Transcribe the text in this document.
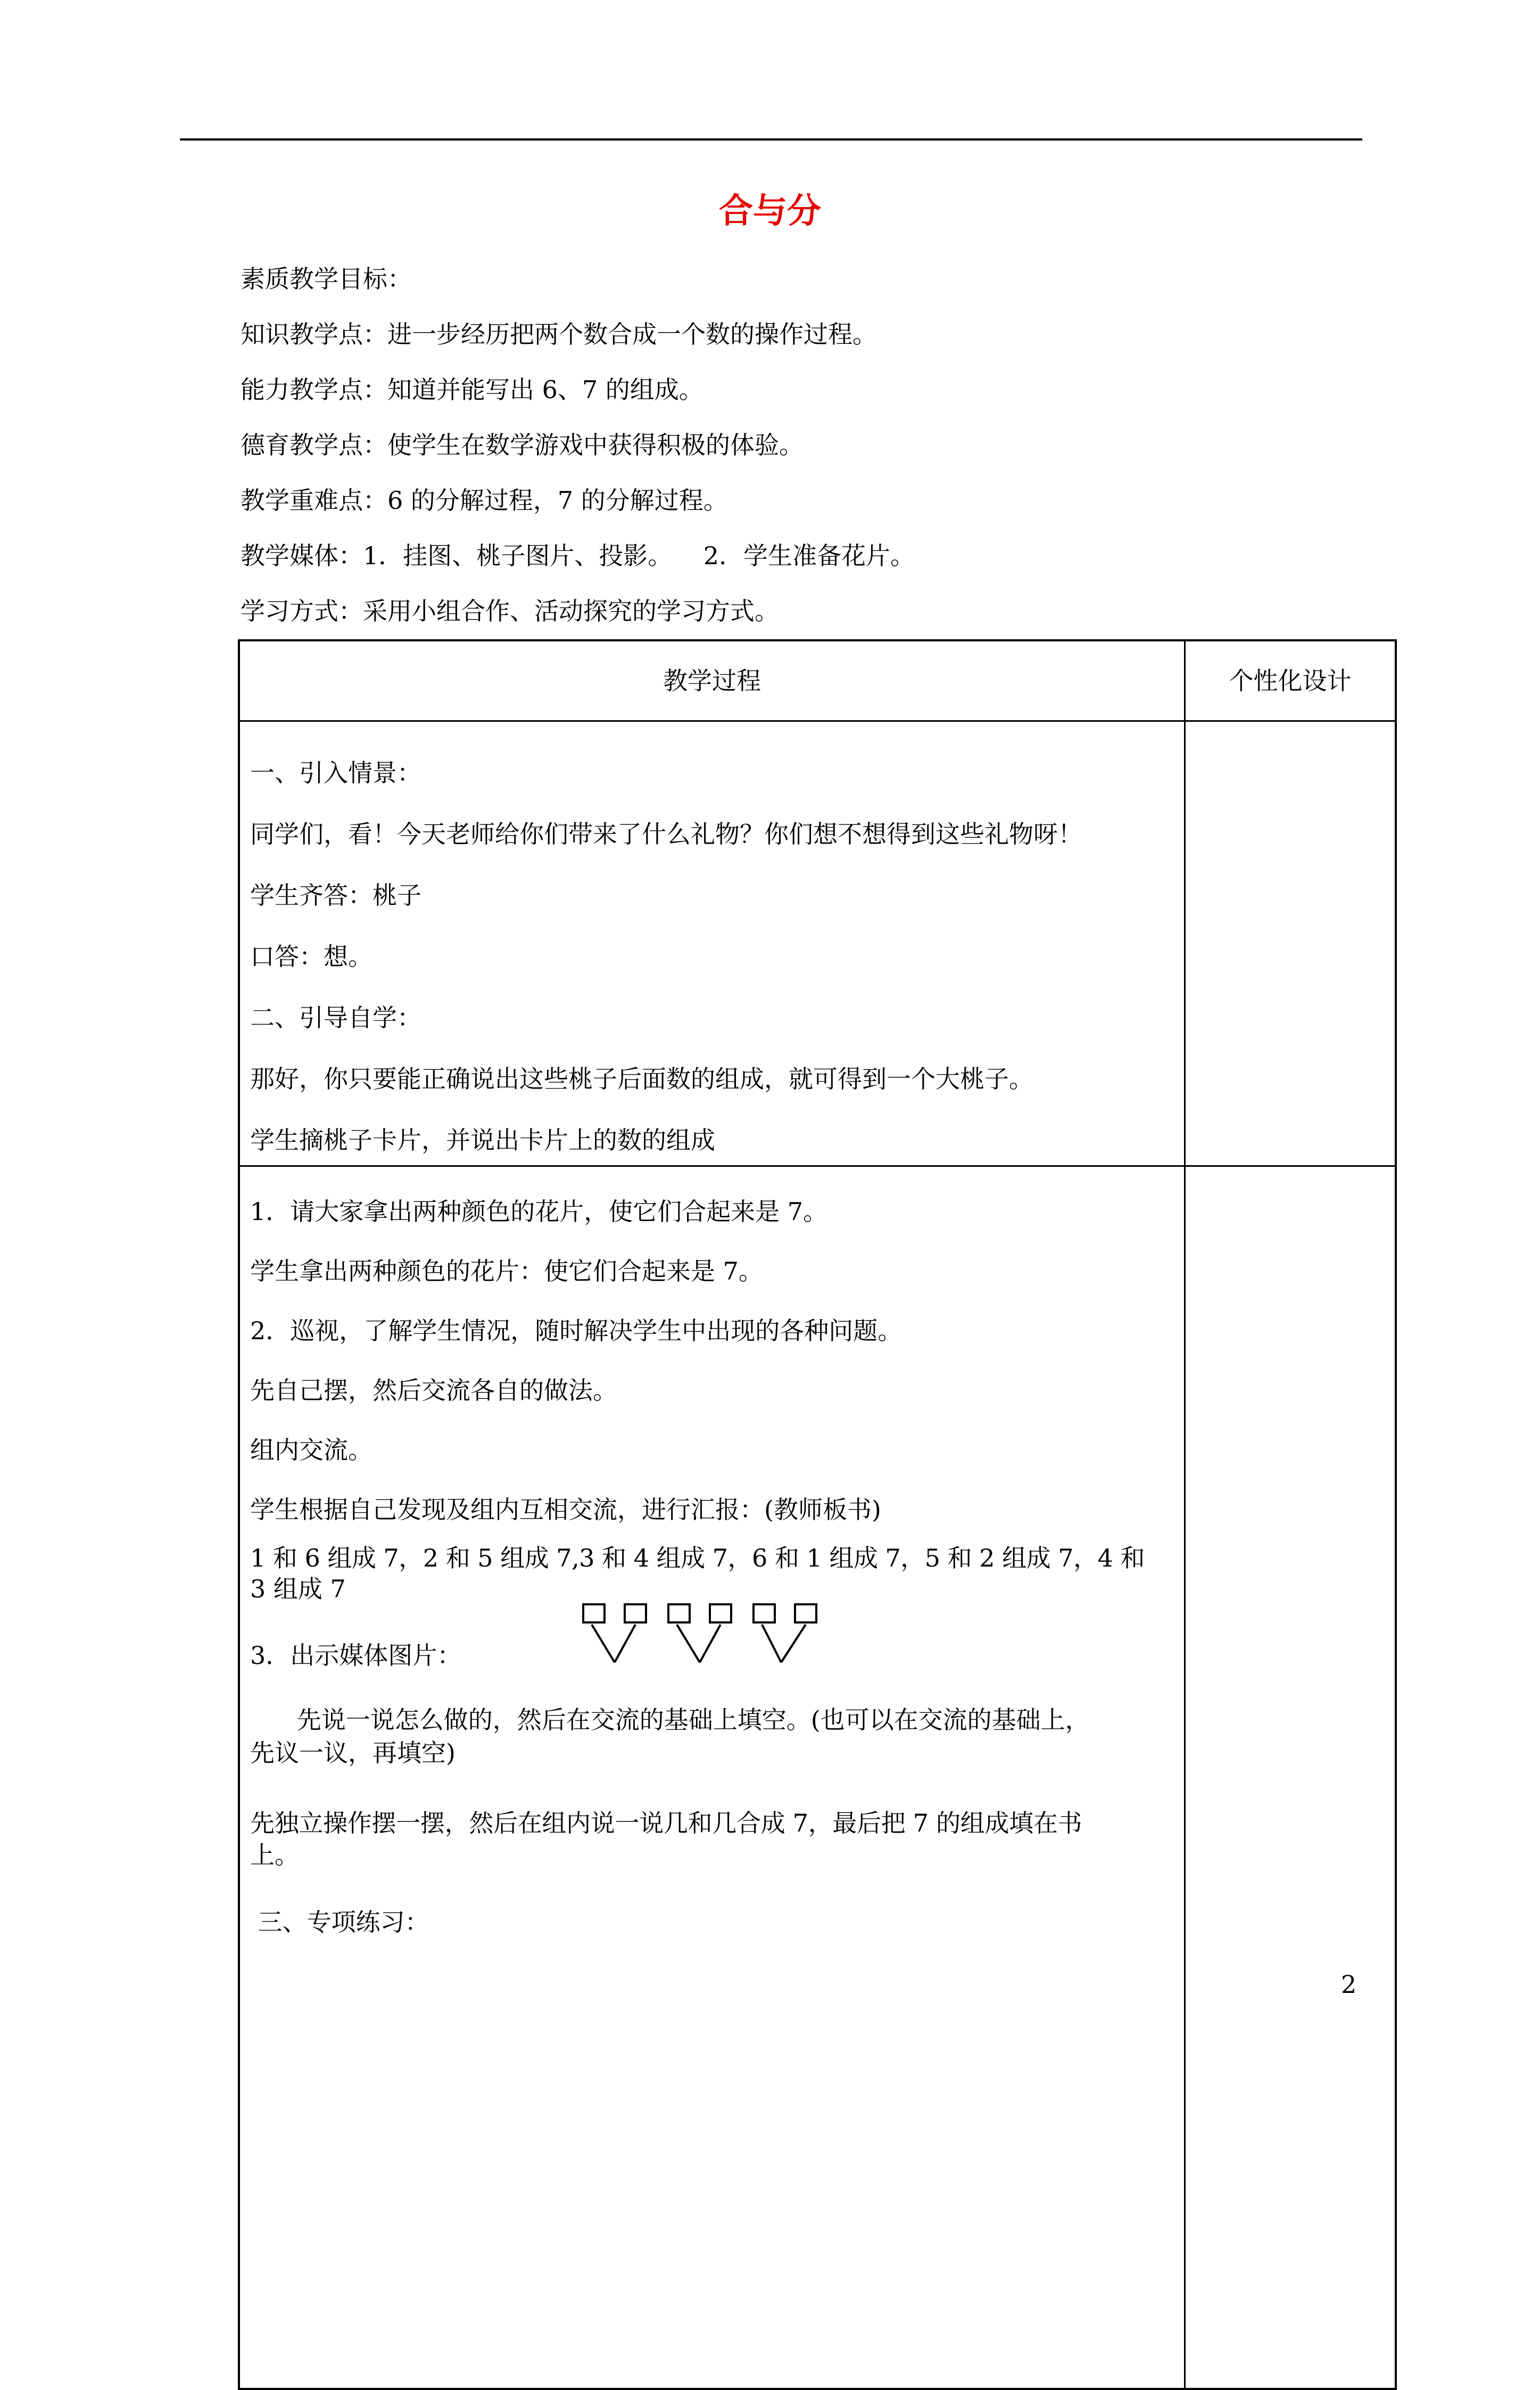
合与分

素质教学目标：

知识教学点：进一步经历把两个数合成一个数的操作过程。

能力教学点：知道并能写出 6、7 的组成。

德育教学点：使学生在数学游戏中获得积极的体验。

教学重难点：6 的分解过程，7 的分解过程。

教学媒体：1．挂图、桃子图片、投影。    2．学生准备花片。

学习方式：采用小组合作、活动探究的学习方式。

教学过程	个性化设计

一、引入情景：

同学们，看！今天老师给你们带来了什么礼物？你们想不想得到这些礼物呀！

学生齐答：桃子

口答：想。

二、引导自学：

那好，你只要能正确说出这些桃子后面数的组成，就可得到一个大桃子。

学生摘桃子卡片，并说出卡片上的数的组成

1．请大家拿出两种颜色的花片，使它们合起来是 7。

学生拿出两种颜色的花片：使它们合起来是 7。

2．巡视，了解学生情况，随时解决学生中出现的各种问题。

先自己摆，然后交流各自的做法。

组内交流。

学生根据自己发现及组内互相交流，进行汇报：(教师板书)

1 和 6 组成 7，2 和 5 组成 7,3 和 4 组成 7，6 和 1 组成 7，5 和 2 组成 7，4 和

3 组成 7

3．出示媒体图片：

先说一说怎么做的，然后在交流的基础上填空。(也可以在交流的基础上，

先议一议，再填空)

先独立操作摆一摆，然后在组内说一说几和几合成 7，最后把 7 的组成填在书

上。

三、专项练习：

2
